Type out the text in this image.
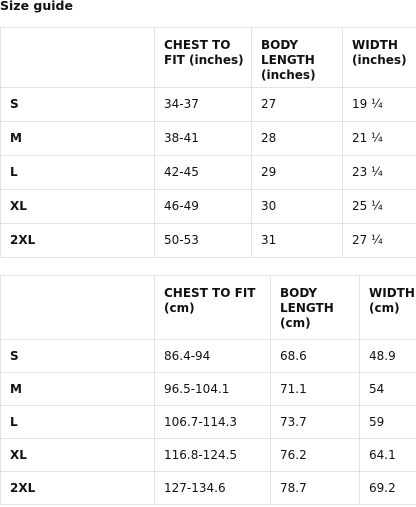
Size guide
	CHEST TO FIT (inches)	BODY LENGTH (inches)	WIDTH (inches)
S	34-37	27	19 ¼
M	38-41	28	21 ¼
L	42-45	29	23 ¼
XL	46-49	30	25 ¼
2XL	50-53	31	27 ¼
	CHEST TO FIT (cm)	BODY LENGTH (cm)	WIDTH (cm)
S	86.4-94	68.6	48.9
M	96.5-104.1	71.1	54
L	106.7-114.3	73.7	59
XL	116.8-124.5	76.2	64.1
2XL	127-134.6	78.7	69.2
